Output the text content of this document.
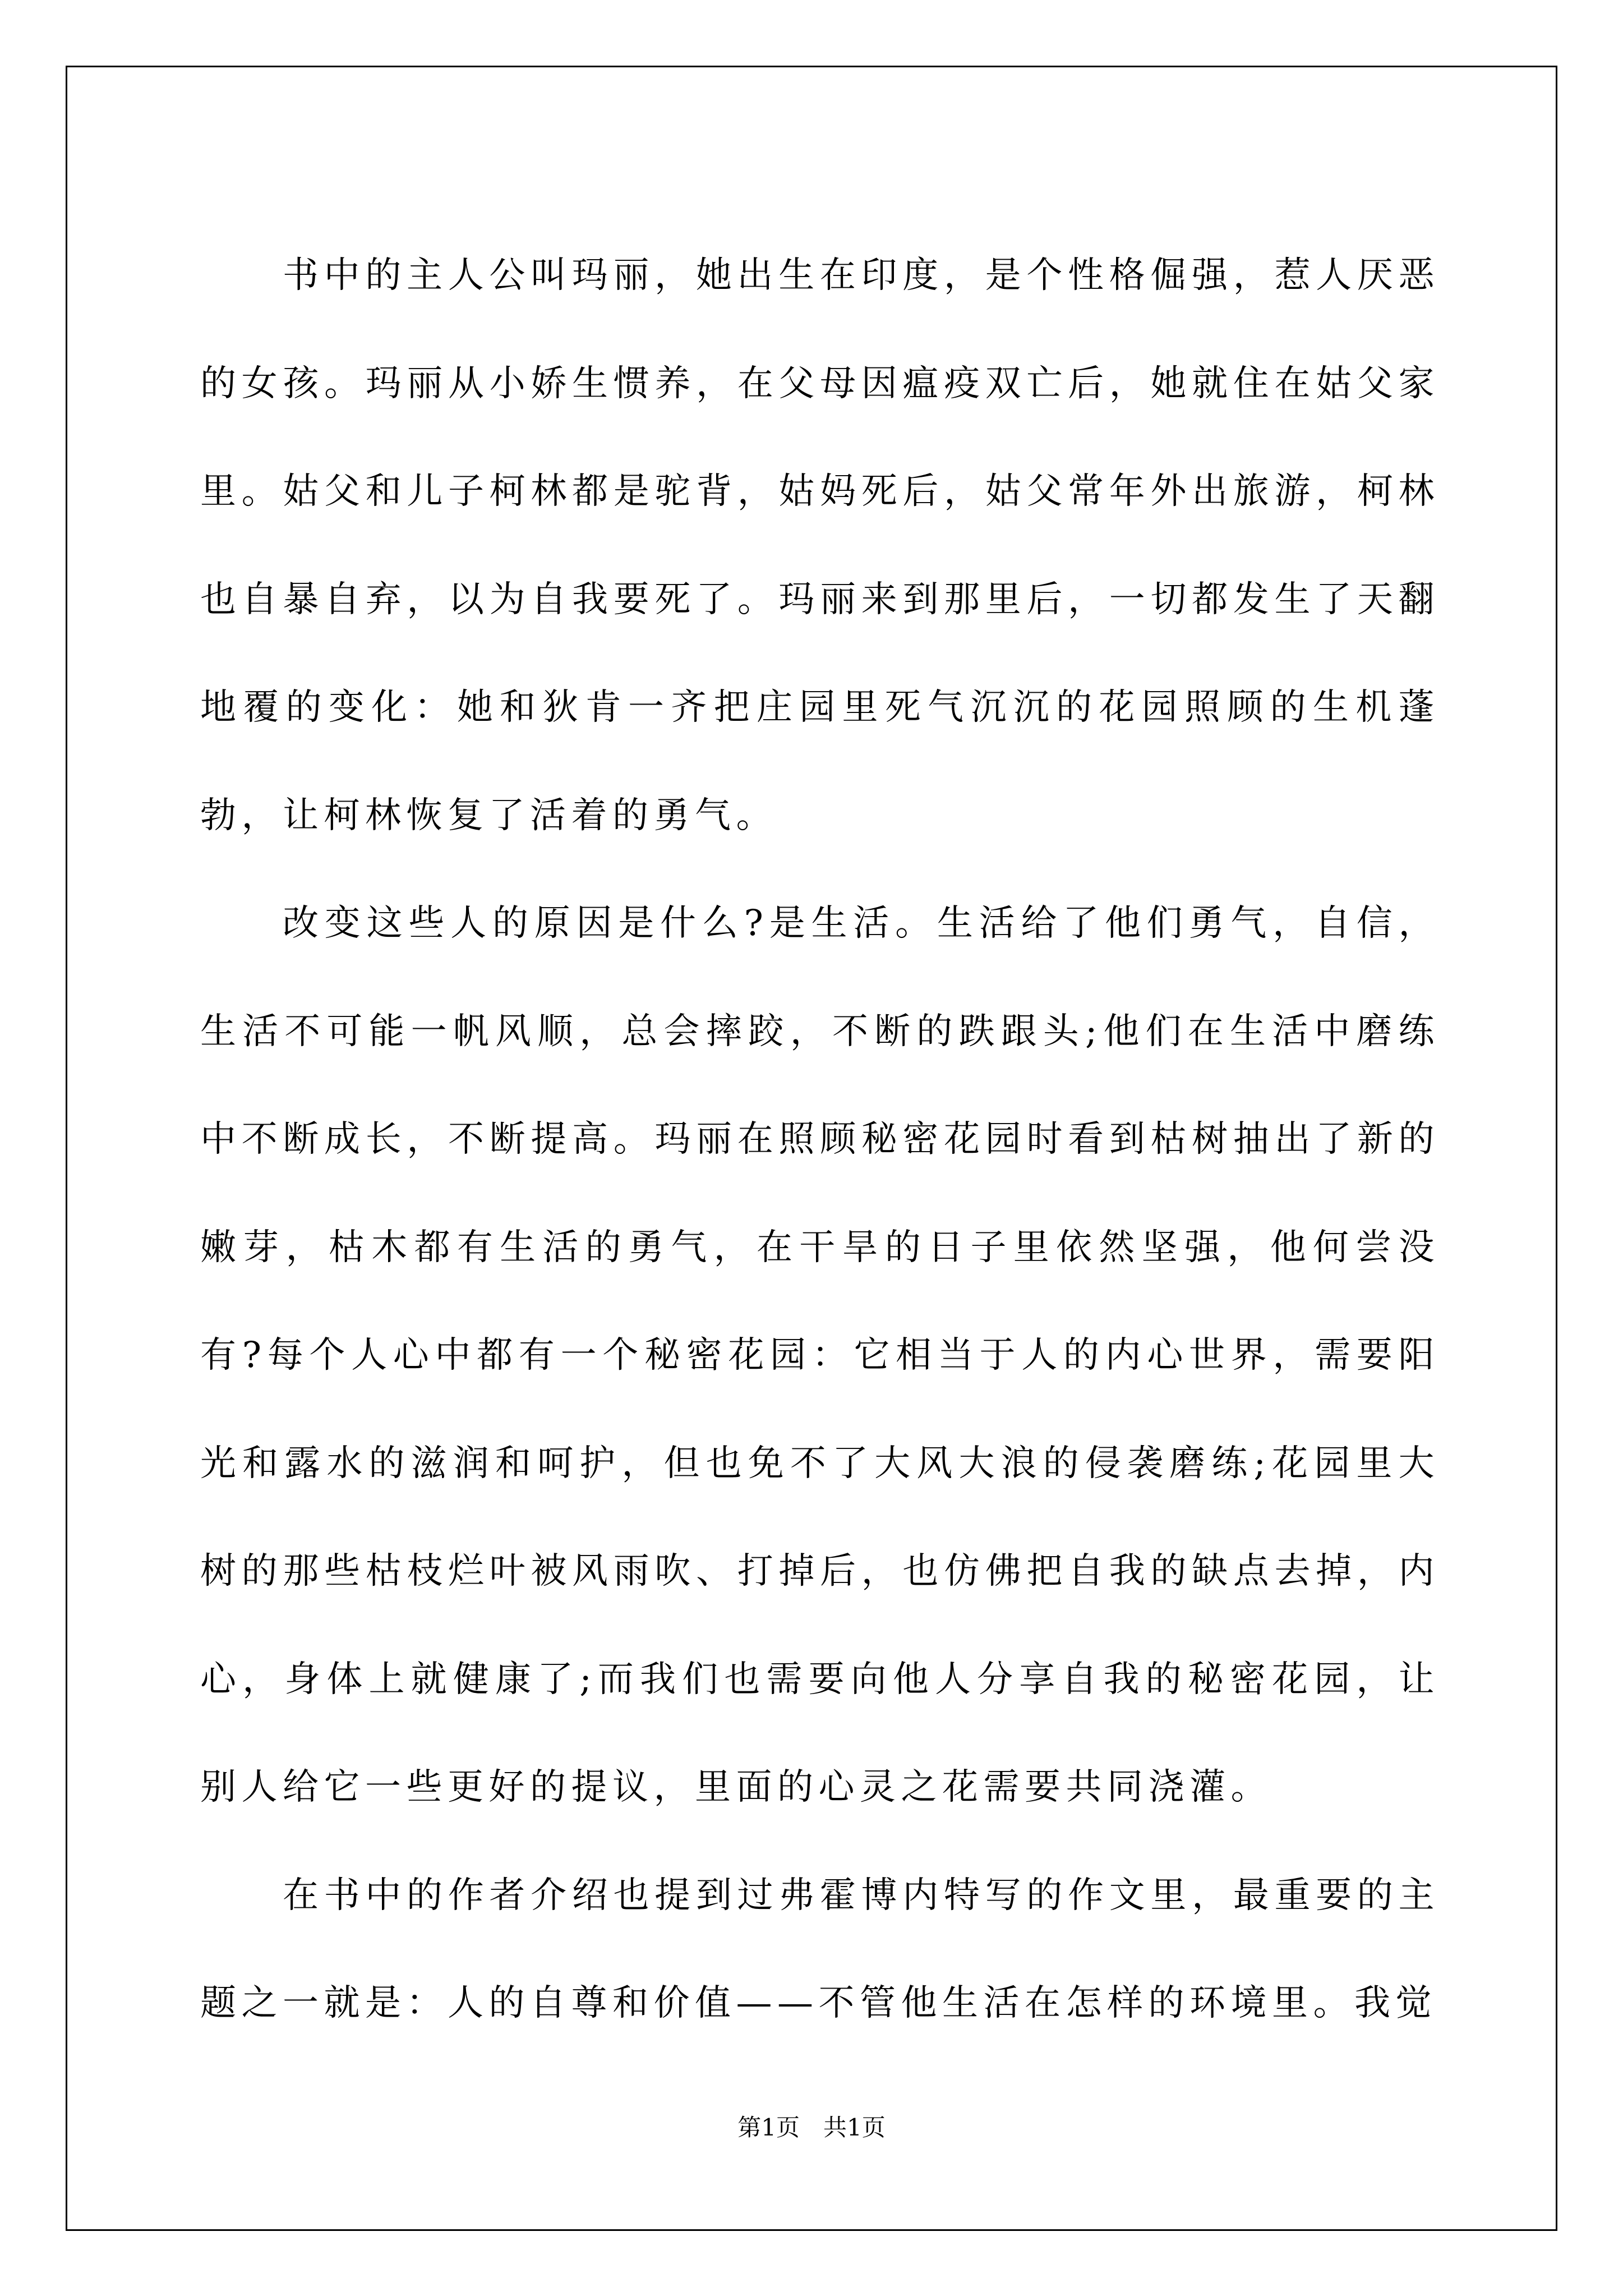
书中的主人公叫玛丽，她出生在印度，是个性格倔强，惹人厌恶的女孩。玛丽从小娇生惯养，在父母因瘟疫双亡后，她就住在姑父家里。姑父和儿子柯林都是驼背，姑妈死后，姑父常年外出旅游，柯林也自暴自弃，以为自我要死了。玛丽来到那里后，一切都发生了天翻地覆的变化：她和狄肯一齐把庄园里死气沉沉的花园照顾的生机蓬勃，让柯林恢复了活着的勇气。

改变这些人的原因是什么?是生活。生活给了他们勇气，自信，生活不可能一帆风顺，总会摔跤，不断的跌跟头;他们在生活中磨练中不断成长，不断提高。玛丽在照顾秘密花园时看到枯树抽出了新的嫩芽，枯木都有生活的勇气，在干旱的日子里依然坚强，他何尝没有?每个人心中都有一个秘密花园：它相当于人的内心世界，需要阳光和露水的滋润和呵护，但也免不了大风大浪的侵袭磨练;花园里大树的那些枯枝烂叶被风雨吹、打掉后，也仿佛把自我的缺点去掉，内心，身体上就健康了;而我们也需要向他人分享自我的秘密花园，让别人给它一些更好的提议，里面的心灵之花需要共同浇灌。

在书中的作者介绍也提到过弗霍博内特写的作文里，最重要的主题之一就是：人的自尊和价值——不管他生活在怎样的环境里。我觉

第1页　共1页
